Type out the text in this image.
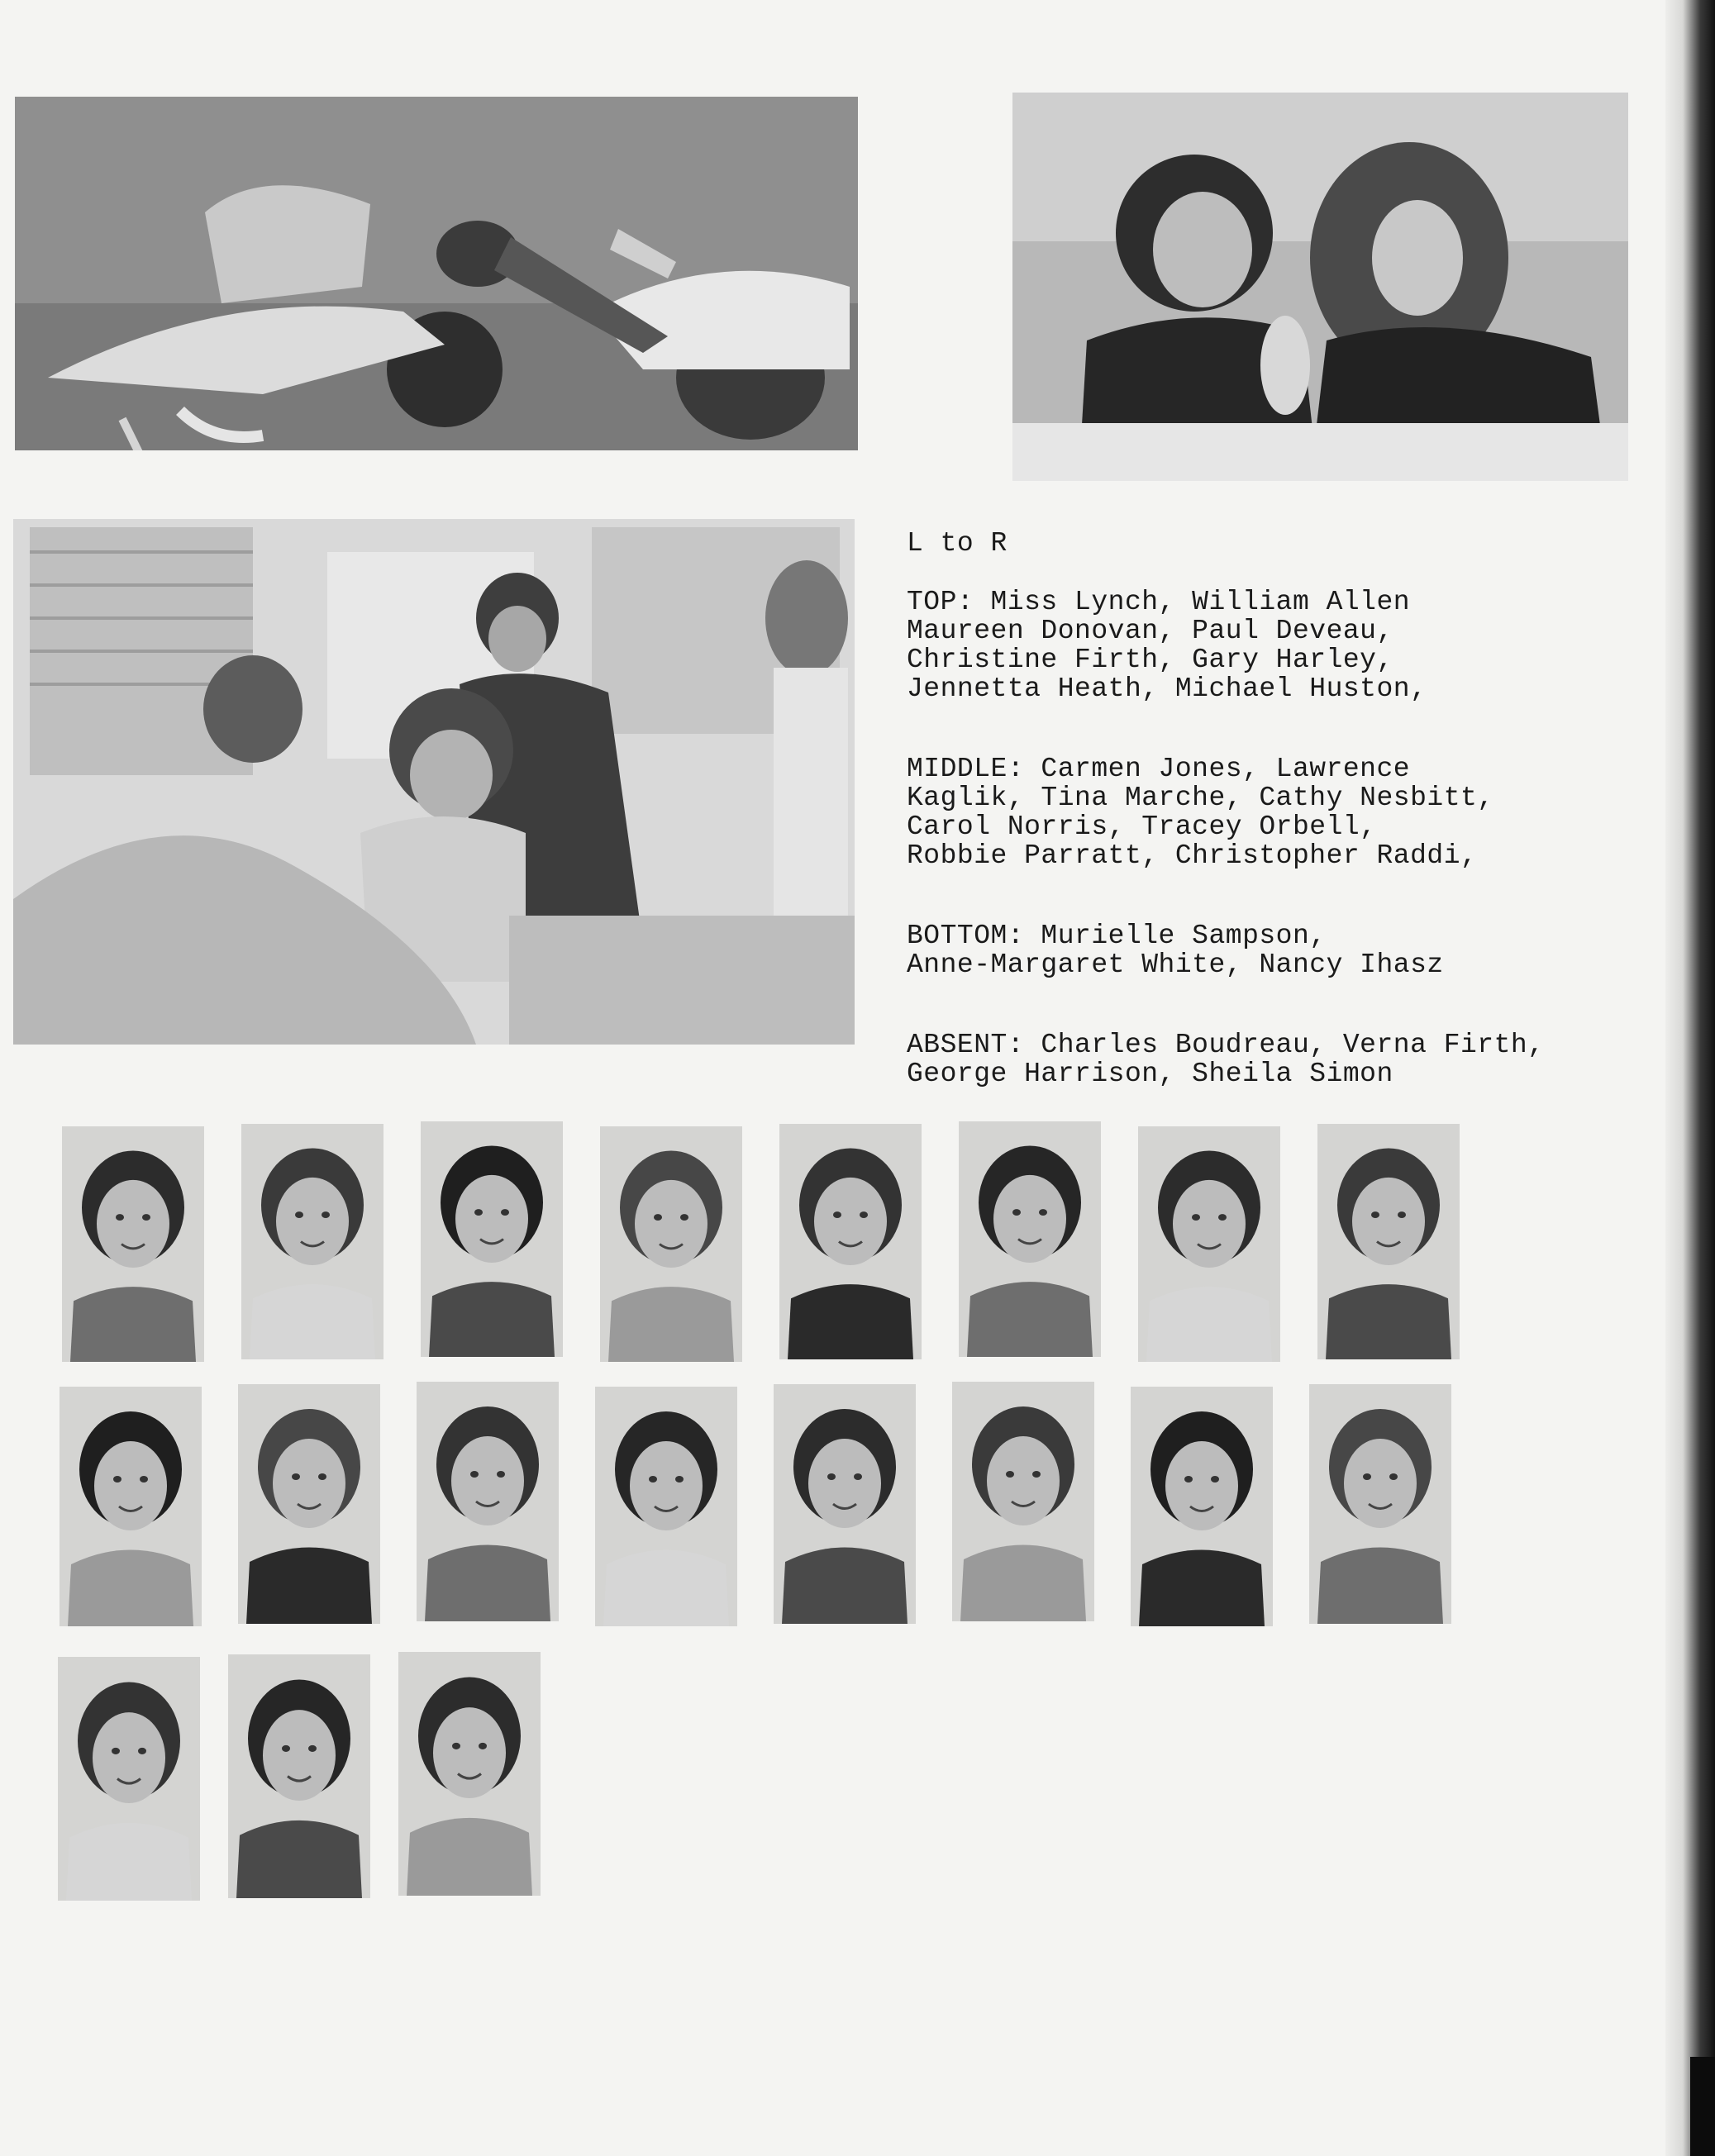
L to R
TOP: Miss Lynch, William Allen
Maureen Donovan, Paul Deveau,
Christine Firth, Gary Harley,
Jennetta Heath, Michael Huston,
MIDDLE: Carmen Jones, Lawrence
Kaglik, Tina Marche, Cathy Nesbitt,
Carol Norris, Tracey Orbell,
Robbie Parratt, Christopher Raddi,
BOTTOM: Murielle Sampson,
Anne-Margaret White, Nancy Ihasz
ABSENT: Charles Boudreau, Verna Firth,
George Harrison, Sheila Simon
